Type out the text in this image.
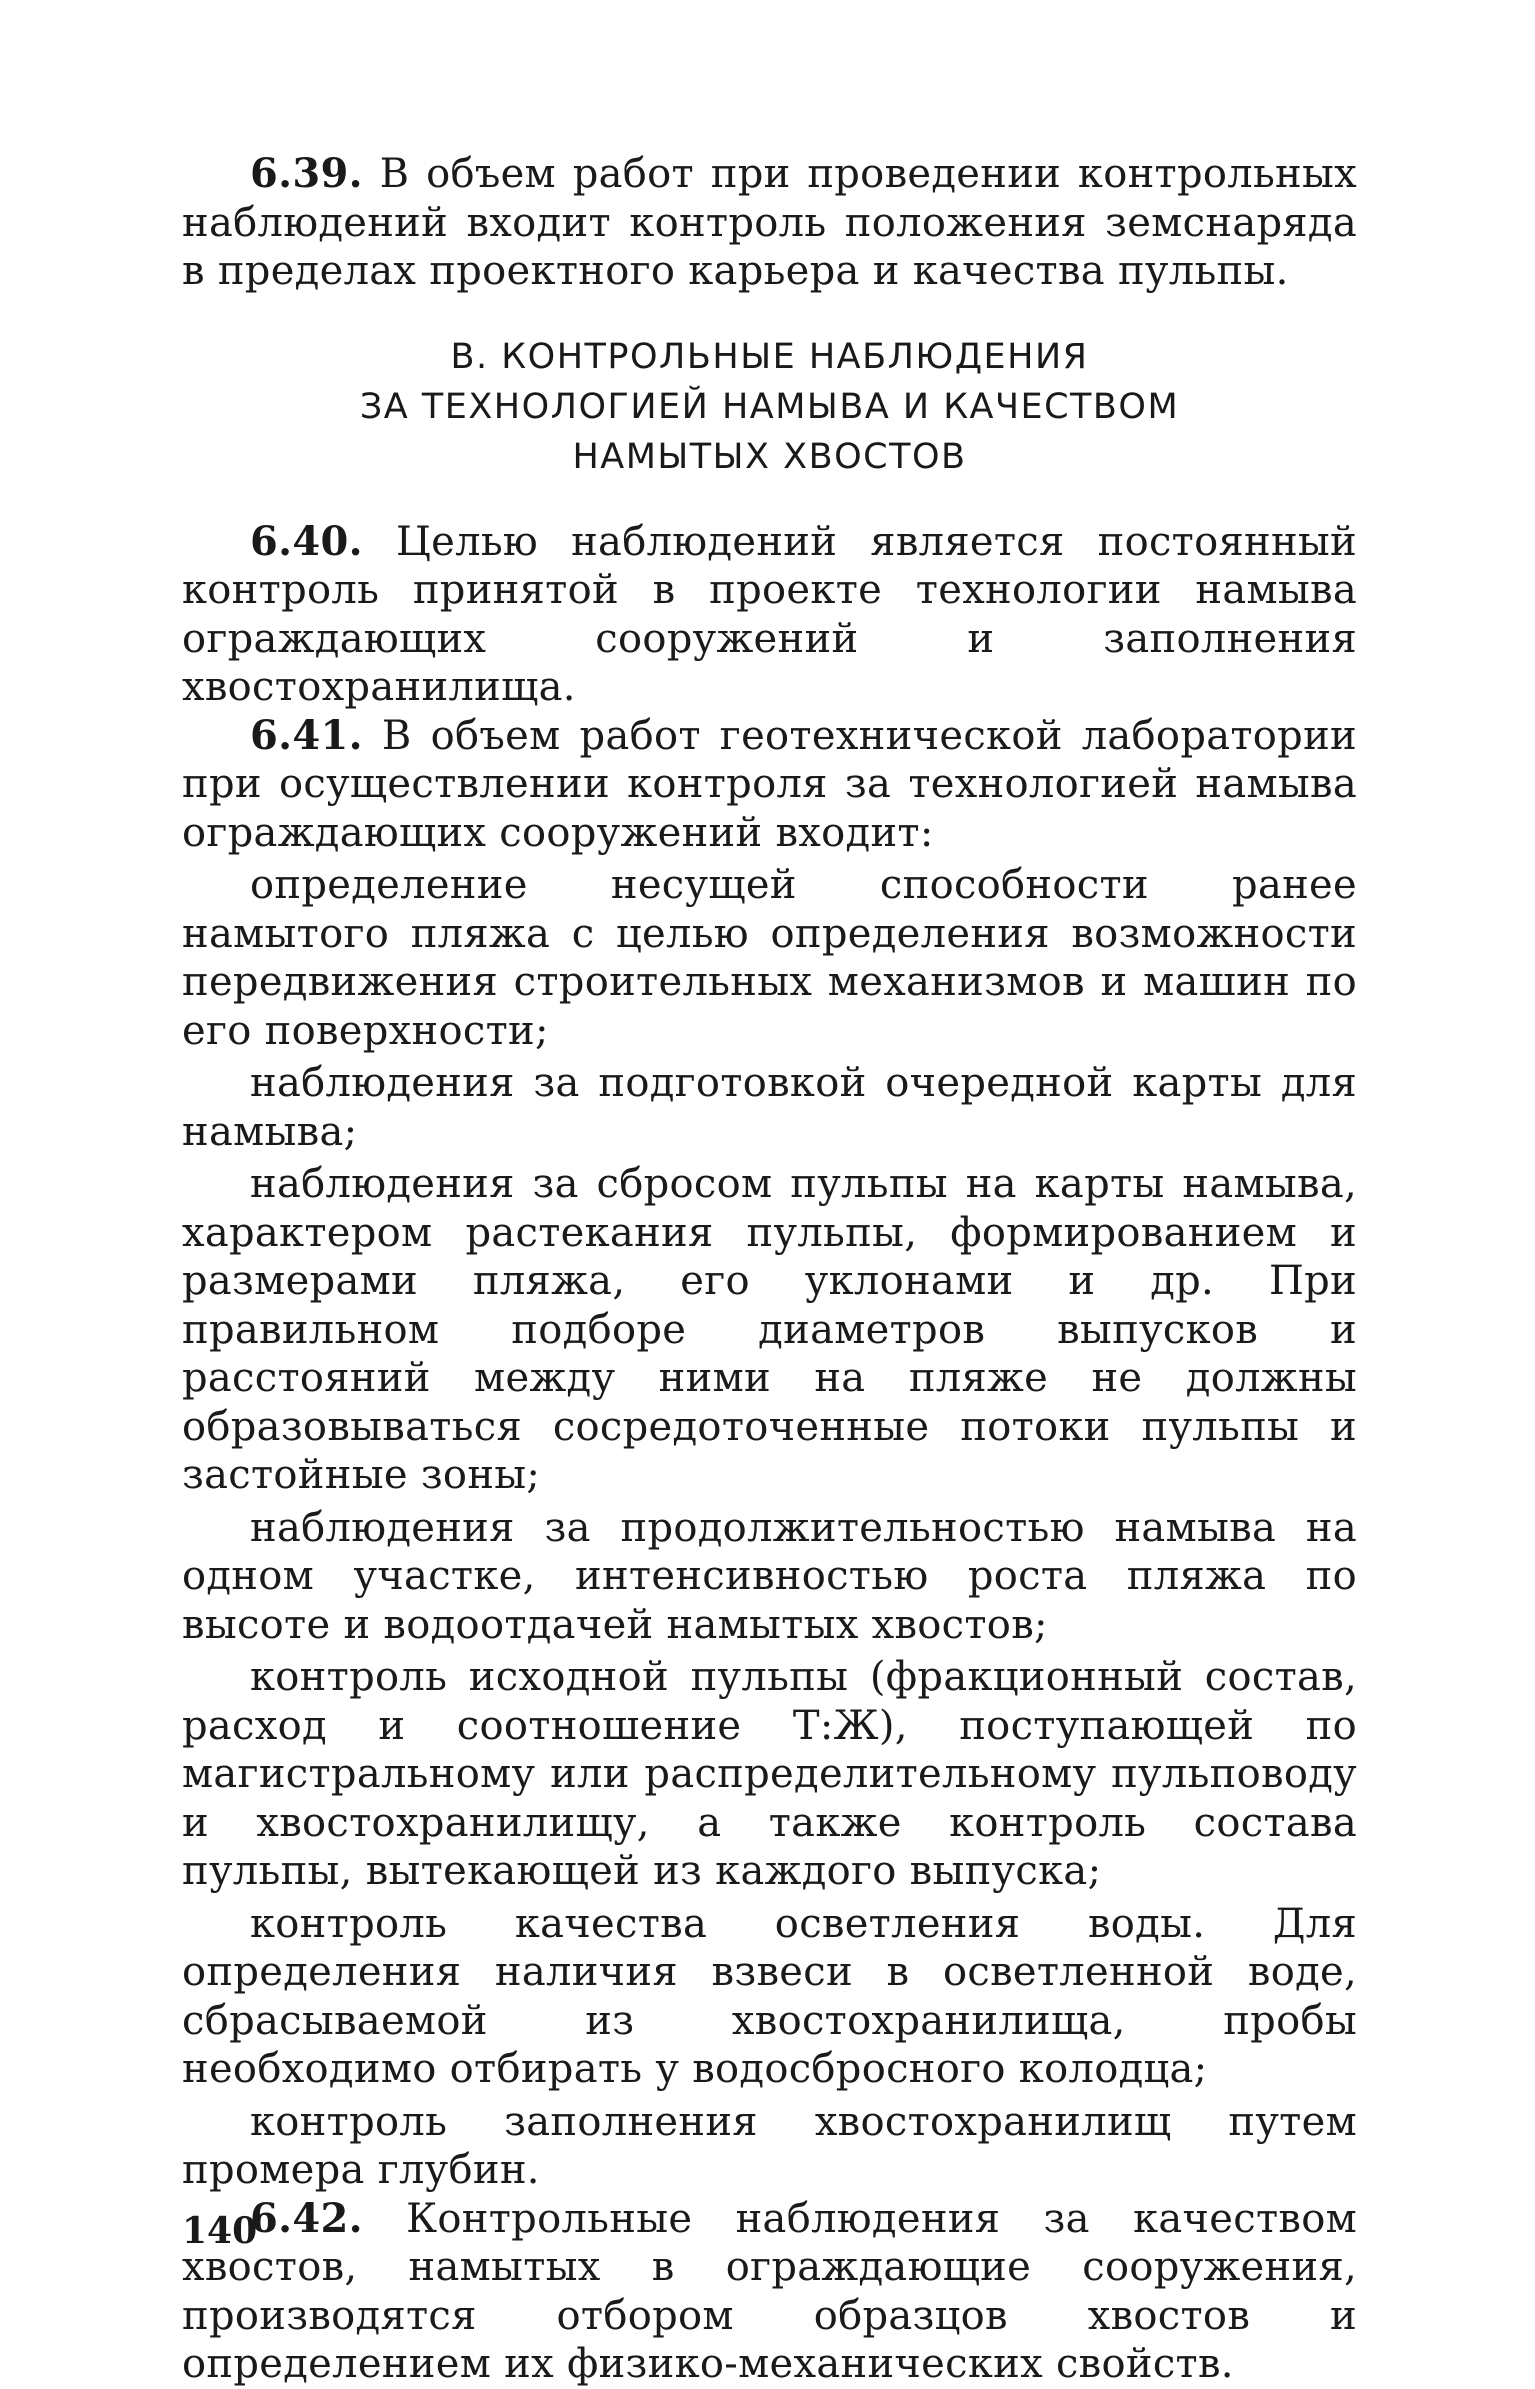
6.39. В объем работ при проведении контрольных наблюдений входит контроль положения земснаряда в пределах проектного карьера и качества пульпы.

В. КОНТРОЛЬНЫЕ НАБЛЮДЕНИЯ
ЗА ТЕХНОЛОГИЕЙ НАМЫВА И КАЧЕСТВОМ
НАМЫТЫХ ХВОСТОВ

6.40. Целью наблюдений является постоянный контроль принятой в проекте технологии намыва ограждающих сооружений и заполнения хвостохранилища.

6.41. В объем работ геотехнической лаборатории при осуществлении контроля за технологией намыва ограждающих сооружений входит:

определение несущей способности ранее намытого пляжа с целью определения возможности передвижения строительных механизмов и машин по его поверхности;

наблюдения за подготовкой очередной карты для намыва;

наблюдения за сбросом пульпы на карты намыва, характером растекания пульпы, формированием и размерами пляжа, его уклонами и др. При правильном подборе диаметров выпусков и расстояний между ними на пляже не должны образовываться сосредоточенные потоки пульпы и застойные зоны;

наблюдения за продолжительностью намыва на одном участке, интенсивностью роста пляжа по высоте и водоотдачей намытых хвостов;

контроль исходной пульпы (фракционный состав, расход и соотношение Т:Ж), поступающей по магистральному или распределительному пульповоду и хвостохранилищу, а также контроль состава пульпы, вытекающей из каждого выпуска;

контроль качества осветления воды. Для определения наличия взвеси в осветленной воде, сбрасываемой из хвостохранилища, пробы необходимо отбирать у водосбросного колодца;

контроль заполнения хвостохранилищ путем промера глубин.

6.42. Контрольные наблюдения за качеством хвостов, намытых в ограждающие сооружения, производятся отбором образцов хвостов и определением их физико-механических свойств.

140
